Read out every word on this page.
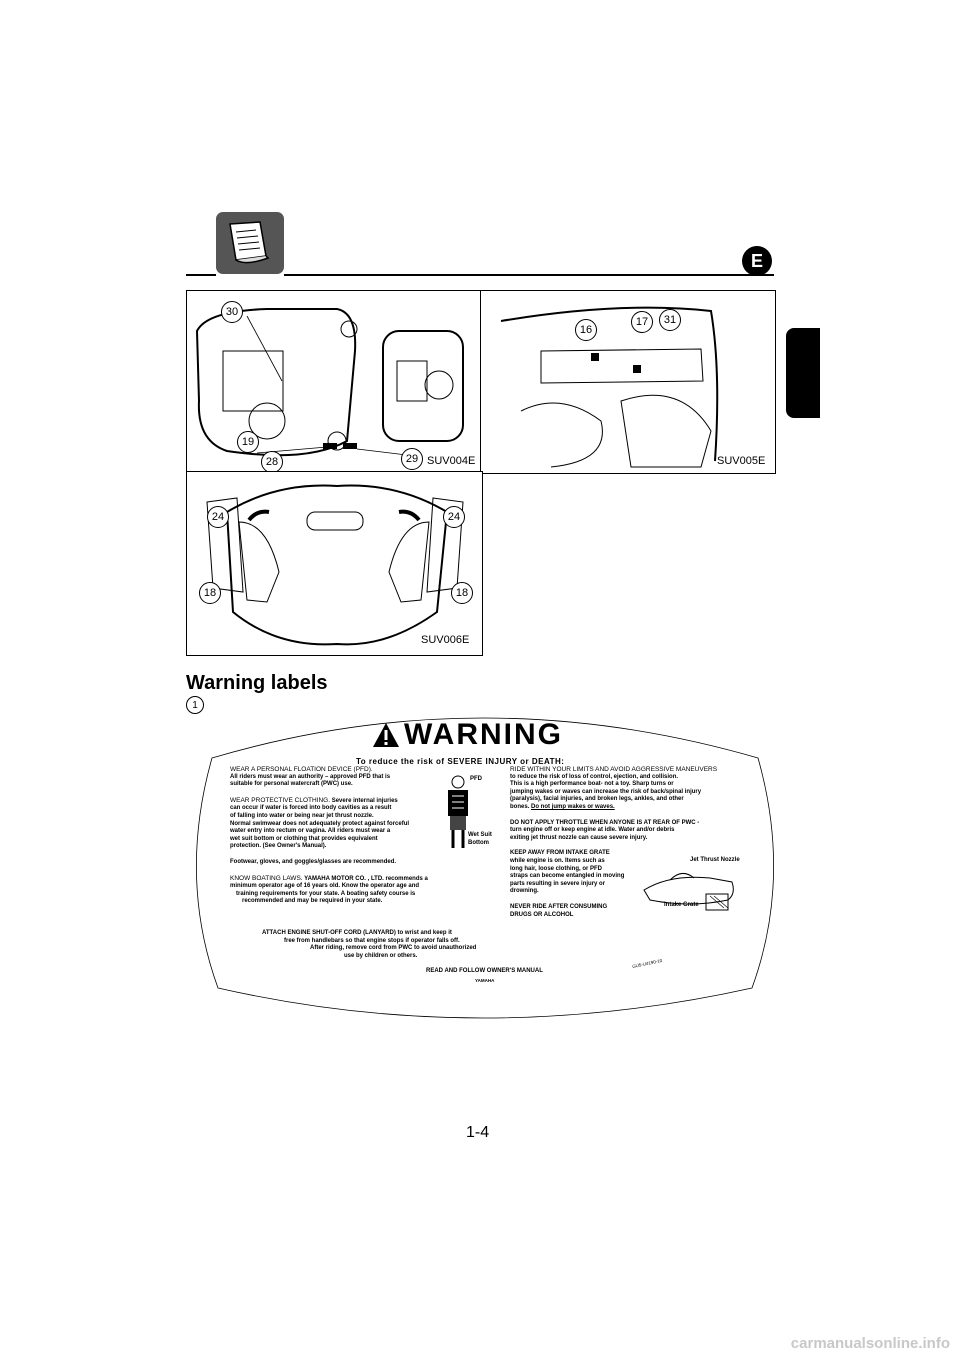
E
30
19
28	29 SUV004E
16
17	31
SUV005E
24	24
18	18
SUV006E
Warning labels
1
WARNING
To reduce the risk of SEVERE INJURY or DEATH:
WEAR A PERSONAL FLOATION DEVICE (PFD).
All riders must wear an authority – approved PFD that is
suitable for personal watercraft (PWC) use.
WEAR PROTECTIVE CLOTHING. Severe internal injuries
can occur if water is forced into body cavities as a result
of falling into water or being near jet thrust nozzle.
Normal swimwear does not adequately protect against forceful
water entry into rectum or vagina. All riders must wear a
wet suit bottom or clothing that provides equivalent
protection. (See Owner's Manual).
Footwear, gloves, and goggles/glasses are recommended.
KNOW BOATING LAWS. YAMAHA MOTOR CO. , LTD. recommends a
minimum operator age of 16 years old. Know the operator age and
training requirements for your state. A boating safety course is
recommended and may be required in your state.
PFD
Wet Suit
Bottom
RIDE WITHIN YOUR LIMITS AND AVOID AGGRESSIVE MANEUVERS
to reduce the risk of loss of control, ejection, and collision.
This is a high performance boat- not a toy. Sharp turns or
jumping wakes or waves can increase the risk of back/spinal injury
(paralysis), facial injuries, and broken legs, ankles, and other
bones. Do not jump wakes or waves.
DO NOT APPLY THROTTLE WHEN ANYONE IS AT REAR OF PWC -
turn engine off or keep engine at idle. Water and/or debris
exiting jet thrust nozzle can cause severe injury.
KEEP AWAY FROM INTAKE GRATE
while engine is on. Items such as
long hair, loose clothing, or PFD
straps can become entangled in moving
parts resulting in severe injury or
drowning.
NEVER RIDE AFTER CONSUMING
DRUGS OR ALCOHOL
Jet Thrust Nozzle
Intake Grate
ATTACH ENGINE SHUT-OFF CORD (LANYARD) to wrist and keep it
free from handlebars so that engine stops if operator falls off.
After riding, remove cord from PWC to avoid unauthorized
use by children or others.
READ AND FOLLOW OWNER'S MANUAL
YAMAHA
GU5-U4190-10
1-4
carmanualsonline.info
